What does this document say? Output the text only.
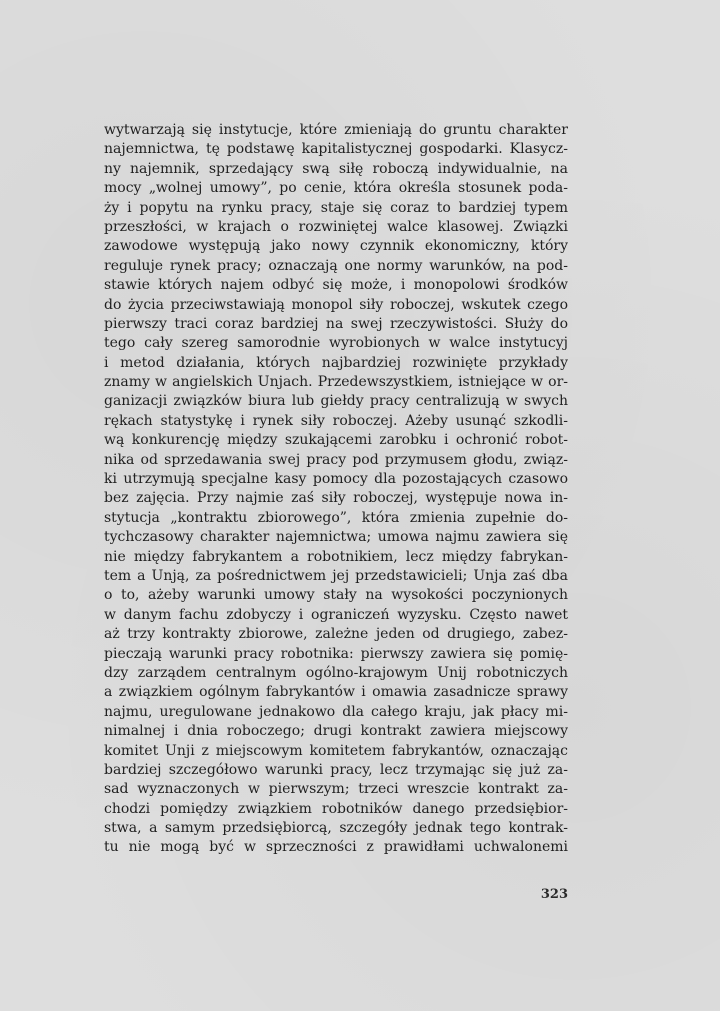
wytwarzają się instytucje, które zmieniają do gruntu charakter
najemnictwa, tę podstawę kapitalistycznej gospodarki. Klasycz-
ny najemnik, sprzedający swą siłę roboczą indywidualnie, na
mocy „wolnej umowy”, po cenie, która określa stosunek poda-
ży i popytu na rynku pracy, staje się coraz to bardziej typem
przeszłości, w krajach o rozwiniętej walce klasowej. Związki
zawodowe występują jako nowy czynnik ekonomiczny, który
reguluje rynek pracy; oznaczają one normy warunków, na pod-
stawie których najem odbyć się może, i monopolowi środków
do życia przeciwstawiają monopol siły roboczej, wskutek czego
pierwszy traci coraz bardziej na swej rzeczywistości. Służy do
tego cały szereg samorodnie wyrobionych w walce instytucyj
i metod działania, których najbardziej rozwinięte przykłady
znamy w angielskich Unjach. Przedewszystkiem, istniejące w or-
ganizacji związków biura lub giełdy pracy centralizują w swych
rękach statystykę i rynek siły roboczej. Ażeby usunąć szkodli-
wą konkurencję między szukającemi zarobku i ochronić robot-
nika od sprzedawania swej pracy pod przymusem głodu, związ-
ki utrzymują specjalne kasy pomocy dla pozostających czasowo
bez zajęcia. Przy najmie zaś siły roboczej, występuje nowa in-
stytucja „kontraktu zbiorowego”, która zmienia zupełnie do-
tychczasowy charakter najemnictwa; umowa najmu zawiera się
nie między fabrykantem a robotnikiem, lecz między fabrykan-
tem a Unją, za pośrednictwem jej przedstawicieli; Unja zaś dba
o to, ażeby warunki umowy stały na wysokości poczynionych
w danym fachu zdobyczy i ograniczeń wyzysku. Często nawet
aż trzy kontrakty zbiorowe, zależne jeden od drugiego, zabez-
pieczają warunki pracy robotnika: pierwszy zawiera się pomię-
dzy zarządem centralnym ogólno-krajowym Unij robotniczych
a związkiem ogólnym fabrykantów i omawia zasadnicze sprawy
najmu, uregulowane jednakowo dla całego kraju, jak płacy mi-
nimalnej i dnia roboczego; drugi kontrakt zawiera miejscowy
komitet Unji z miejscowym komitetem fabrykantów, oznaczając
bardziej szczegółowo warunki pracy, lecz trzymając się już za-
sad wyznaczonych w pierwszym; trzeci wreszcie kontrakt za-
chodzi pomiędzy związkiem robotników danego przedsiębior-
stwa, a samym przedsiębiorcą, szczegóły jednak tego kontrak-
tu nie mogą być w sprzeczności z prawidłami uchwalonemi
323
